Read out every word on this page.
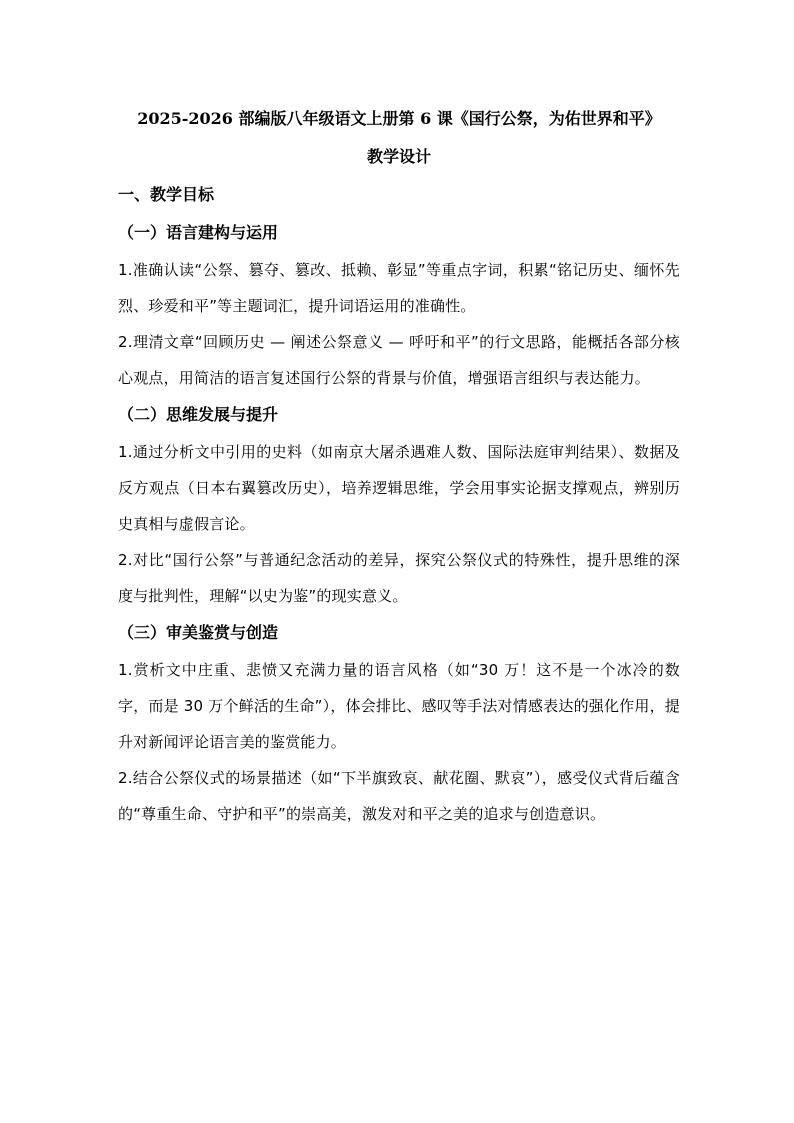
2025-2026 部编版八年级语文上册第 6 课《国行公祭，为佑世界和平》
教学设计
一、教学目标
（一）语言建构与运用

1.准确认读“公祭、篡夺、篡改、抵赖、彰显”等重点字词，积累“铭记历史、缅怀先烈、珍爱和平”等主题词汇，提升词语运用的准确性。

2.理清文章“回顾历史 — 阐述公祭意义 — 呼吁和平”的行文思路，能概括各部分核心观点，用简洁的语言复述国行公祭的背景与价值，增强语言组织与表达能力。

（二）思维发展与提升

1.通过分析文中引用的史料（如南京大屠杀遇难人数、国际法庭审判结果）、数据及反方观点（日本右翼篡改历史），培养逻辑思维，学会用事实论据支撑观点，辨别历史真相与虚假言论。

2.对比“国行公祭”与普通纪念活动的差异，探究公祭仪式的特殊性，提升思维的深度与批判性，理解“以史为鉴”的现实意义。

（三）审美鉴赏与创造

1.赏析文中庄重、悲愤又充满力量的语言风格（如“30 万！这不是一个冰冷的数字，而是 30 万个鲜活的生命”），体会排比、感叹等手法对情感表达的强化作用，提升对新闻评论语言美的鉴赏能力。

2.结合公祭仪式的场景描述（如“下半旗致哀、献花圈、默哀”），感受仪式背后蕴含的“尊重生命、守护和平”的崇高美，激发对和平之美的追求与创造意识。
